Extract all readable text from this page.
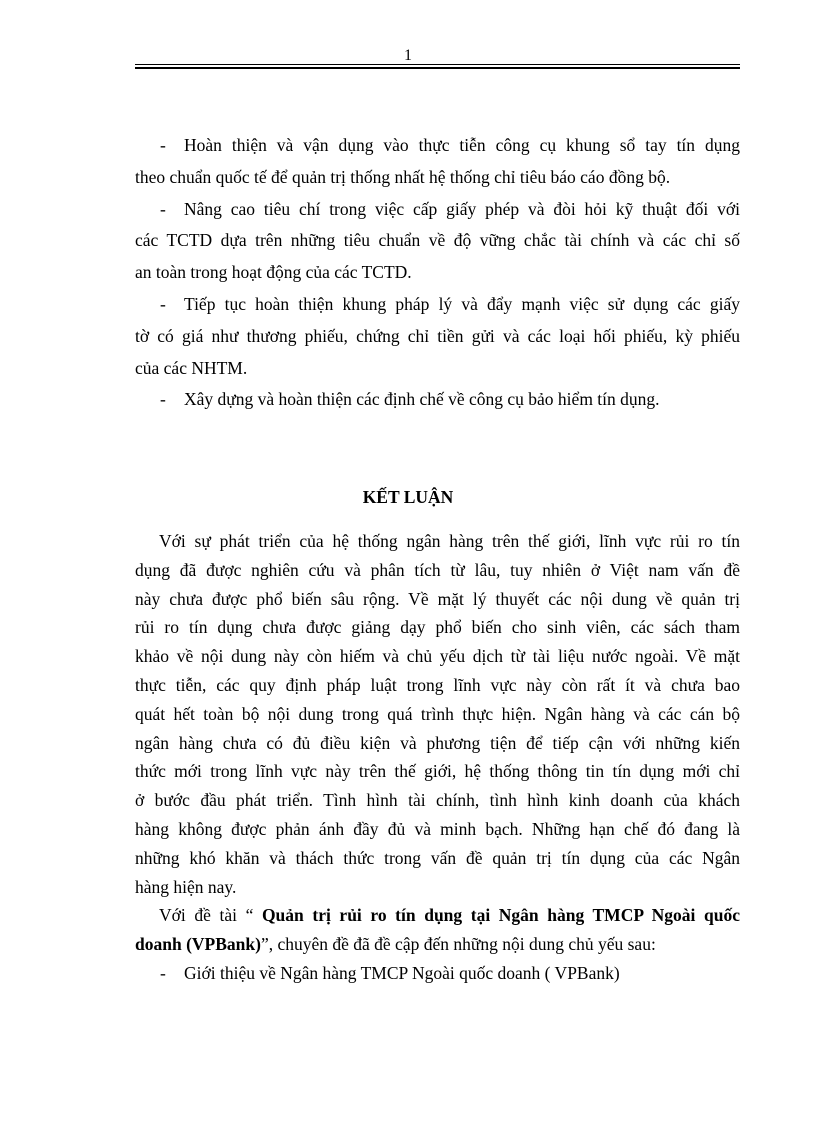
1
- Hoàn thiện và vận dụng vào thực tiễn công cụ khung sổ tay tín dụng
theo chuẩn quốc tế để quản trị thống nhất hệ thống chỉ tiêu báo cáo đồng bộ.
- Nâng cao tiêu chí trong việc cấp giấy phép và đòi hỏi kỹ thuật đối với
các TCTD dựa trên những tiêu chuẩn về độ vững chắc tài chính và các chỉ số
an toàn trong hoạt động của các TCTD.
- Tiếp tục hoàn thiện khung pháp lý và đẩy mạnh việc sử dụng các giấy
tờ có giá như thương phiếu, chứng chỉ tiền gửi và các loại hối phiếu, kỳ phiếu
của các NHTM.
- Xây dựng và hoàn thiện các định chế về công cụ bảo hiểm tín dụng.
KẾT LUẬN
Với sự phát triển của hệ thống ngân hàng trên thế giới, lĩnh vực rủi ro tín
dụng đã được nghiên cứu và phân tích từ lâu, tuy nhiên ở Việt nam vấn đề
này chưa được phổ biến sâu rộng. Về mặt lý thuyết các nội dung về quản trị
rủi ro tín dụng chưa được giảng dạy phổ biến cho sinh viên, các sách tham
khảo về nội dung này còn hiếm và chủ yếu dịch từ tài liệu nước ngoài. Về mặt
thực tiễn, các quy định pháp luật trong lĩnh vực này còn rất ít và chưa bao
quát hết toàn bộ nội dung trong quá trình thực hiện. Ngân hàng và các cán bộ
ngân hàng chưa có đủ điều kiện và phương tiện để tiếp cận với những kiến
thức mới trong lĩnh vực này trên thế giới, hệ thống thông tin tín dụng mới chỉ
ở bước đầu phát triển. Tình hình tài chính, tình hình kinh doanh của khách
hàng không được phản ánh đầy đủ và minh bạch. Những hạn chế đó đang là
những khó khăn và thách thức trong vấn đề quản trị tín dụng của các Ngân
hàng hiện nay.
Với đề tài “ Quản trị rủi ro tín dụng tại Ngân hàng TMCP Ngoài quốc
doanh (VPBank)”, chuyên đề đã đề cập đến những nội dung chủ yếu sau:
- Giới thiệu về Ngân hàng TMCP Ngoài quốc doanh ( VPBank)
